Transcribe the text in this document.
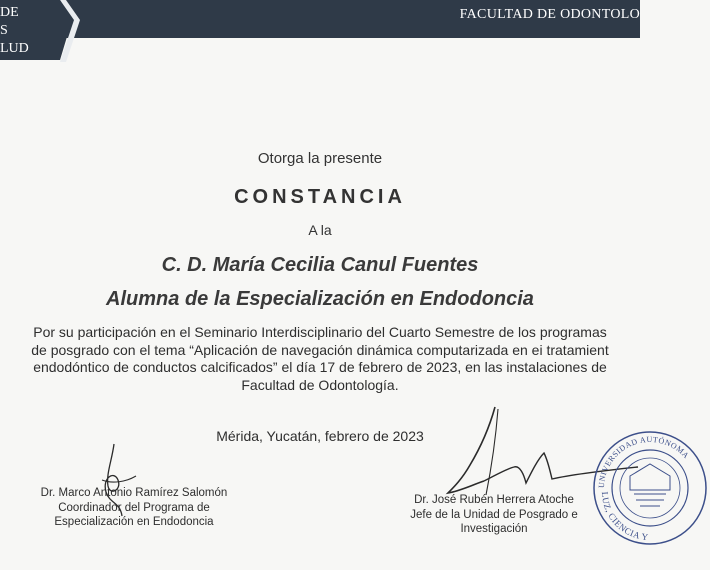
DE
S
LUD
FACULTAD DE ODONTOLO
Otorga la presente
CONSTANCIA
A la
C. D. María Cecilia Canul Fuentes
Alumna de la Especialización en Endodoncia
Por su participación en el Seminario Interdisciplinario del Cuarto Semestre de los programas
de posgrado con el tema “Aplicación de navegación dinámica computarizada en ei tratamient
endodóntico de conductos calcificados” el día 17 de febrero de 2023, en las instalaciones de
Facultad de Odontología.
Mérida, Yucatán, febrero de 2023
Dr. Marco Antonio Ramírez Salomón
Coordinador del Programa de
Especialización en Endodoncia
Dr. José Rubén Herrera Atoche
Jefe de la Unidad de Posgrado e
Investigación
UNIVERSIDAD AUTÓNOMA
LUZ, CIENCIA Y
